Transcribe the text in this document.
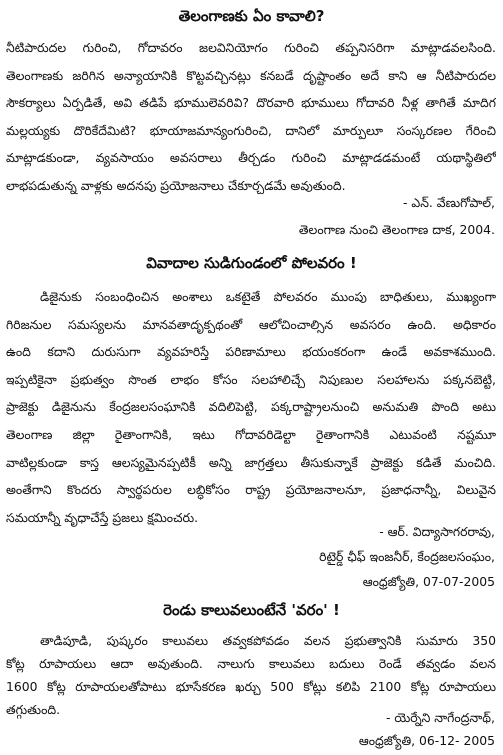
తెలంగాణకు ఏం కావాలి?
నీటిపారుదల గురించి, గోదావరం జలవినియోగం గురించి తప్పనిసరిగా మాట్లాడవలసింది.
తెలంగాణకు జరిగిన అన్యాయానికి కొట్టవచ్చినట్లు కనబడే దృష్టాంతం అదే కాని ఆ నీటిపారుదల
సౌకర్యాలు ఏర్పడితే, అవి తడిపే భూములెవరివి? దొరవారి భూములు గోదావరి నీళ్ల తాగితే మాదిగ
మల్లయ్యకు దొరికేదేమిటి? భూయాజమాన్యంగురించి, దానిలో మార్పులూ సంస్కరణల గేరించి
మాట్లాడకుండా, వ్యవసాయం అవసరాలు తీర్చడం గురించి మాట్లాడడమంటే యథాస్థితిలో
లాభపడుతున్న వాళ్లకు అదనపు ప్రయోజనాలు చేకూర్చడమే అవుతుంది.
- ఎన్. వేణుగోపాల్,
తెలంగాణ నుంచి తెలంగాణ దాక, 2004.
వివాదాల సుడిగుండంలో పోలవరం !
డిజైనుకు సంబంధించిన అంశాలు ఒకటైతే పోలవరం ముంపు బాధితులు, ముఖ్యంగా
గిరిజనుల సమస్యలను మానవతాదృక్పథంతో ఆలోచించాల్సిన అవసరం ఉంది. అధికారం
ఉంది కదాని దురుసుగా వ్యవహరిస్తే పరిణామాలు భయంకరంగా ఉండే అవకాశముంది.
ఇప్పటికైనా ప్రభుత్వం సొంత లాభం కోసం సలహాలిచ్చే నిపుణుల సలహాలను పక్కనబెట్టి,
ప్రాజెక్టు డిజైనును కేంద్రజలసంఘానికి వదిలిపెట్టి, పక్కరాష్ట్రాలనుంచి అనుమతి పొంది అటు
తెలంగాణ జిల్లా రైతాంగానికి, ఇటు గోదావరిడెల్టా రైతాంగానికి ఎటువంటి నష్టమూ
వాటిల్లకుండా కాస్త ఆలస్యమైనప్పటికీ అన్ని జాగ్రత్తలు తీసుకున్నాకే ప్రాజెక్టు కడితే మంచిది.
అంతేగాని కొందరు స్వార్థపరుల లబ్ధికోసం రాష్ట్ర ప్రయోజనాలనూ, ప్రజాధనాన్నీ, విలువైన
సమయాన్నీ వృధాచేస్తే ప్రజలు క్షమించరు.
- ఆర్. విద్యాసాగరరావు,
రిటైర్డ్ ఛీఫ్ ఇంజనీర్, కేంద్రజలసంఘం,
ఆంధ్రజ్యోతి, 07-07-2005
రెండు కాలువలుంటేనే 'వరం' !
తాడిపూడి, పుష్కరం కాలువలు తవ్వకపోవడం వలన ప్రభుత్వానికి సుమారు 350
కోట్ల రూపాయలు ఆదా అవుతుంది. నాలుగు కాలువలు బదులు రెండే తవ్వడం వలన
1600 కోట్ల రూపాయలతోపాటు భూసేకరణ ఖర్చు 500 కోట్లు కలిపి 2100 కోట్ల రూపాయలు
తగ్గుతుంది.
- యెర్నేని నాగేంద్రనాథ్,
ఆంధ్రజ్యోతి, 06-12- 2005
